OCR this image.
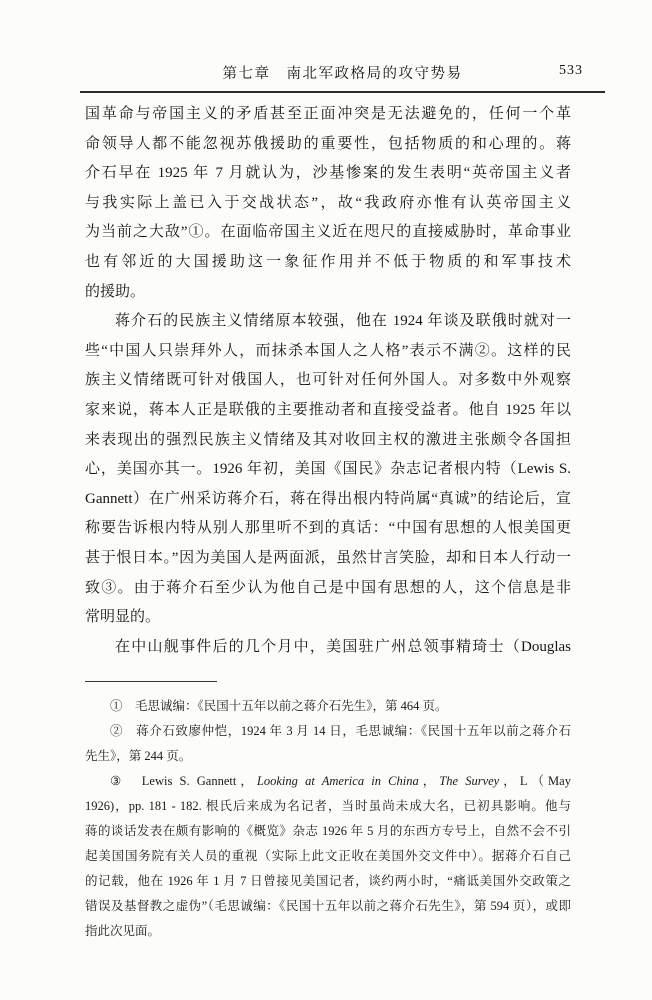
第七章　南北军政格局的攻守势易	533
国革命与帝国主义的矛盾甚至正面冲突是无法避免的，任何一个革
命领导人都不能忽视苏俄援助的重要性，包括物质的和心理的。蒋
介石早在 1925 年 7 月就认为，沙基惨案的发生表明“英帝国主义者
与我实际上盖已入于交战状态”，故“我政府亦惟有认英帝国主义
为当前之大敌”①。在面临帝国主义近在咫尺的直接威胁时，革命事业
也有邻近的大国援助这一象征作用并不低于物质的和军事技术
的援助。
蒋介石的民族主义情绪原本较强，他在 1924 年谈及联俄时就对一
些“中国人只崇拜外人，而抹杀本国人之人格”表示不满②。这样的民
族主义情绪既可针对俄国人，也可针对任何外国人。对多数中外观察
家来说，蒋本人正是联俄的主要推动者和直接受益者。他自 1925 年以
来表现出的强烈民族主义情绪及其对收回主权的激进主张颇令各国担
心，美国亦其一。1926 年初，美国《国民》杂志记者根内特（Lewis S.
Gannett）在广州采访蒋介石，蒋在得出根内特尚属“真诚”的结论后，宣
称要告诉根内特从别人那里听不到的真话：“中国有思想的人恨美国更
甚于恨日本。”因为美国人是两面派，虽然甘言笑脸，却和日本人行动一
致③。由于蒋介石至少认为他自己是中国有思想的人，这个信息是非
常明显的。
在中山舰事件后的几个月中，美国驻广州总领事精琦士（Douglas
①　毛思诚编：《民国十五年以前之蒋介石先生》，第 464 页。
②　蒋介石致廖仲恺，1924 年 3 月 14 日，毛思诚编：《民国十五年以前之蒋介石
先生》，第 244 页。
③　Lewis S. Gannett，Looking at America in China，The Survey，L（May
1926)，pp. 181 - 182. 根氏后来成为名记者，当时虽尚未成大名，已初具影响。他与
蒋的谈话发表在颇有影响的《概览》杂志 1926 年 5 月的东西方专号上，自然不会不引
起美国国务院有关人员的重视（实际上此文正收在美国外交文件中）。据蒋介石自己
的记载，他在 1926 年 1 月 7 日曾接见美国记者，谈约两小时，“痛诋美国外交政策之
错误及基督教之虚伪”（毛思诚编：《民国十五年以前之蒋介石先生》，第 594 页），或即
指此次见面。
